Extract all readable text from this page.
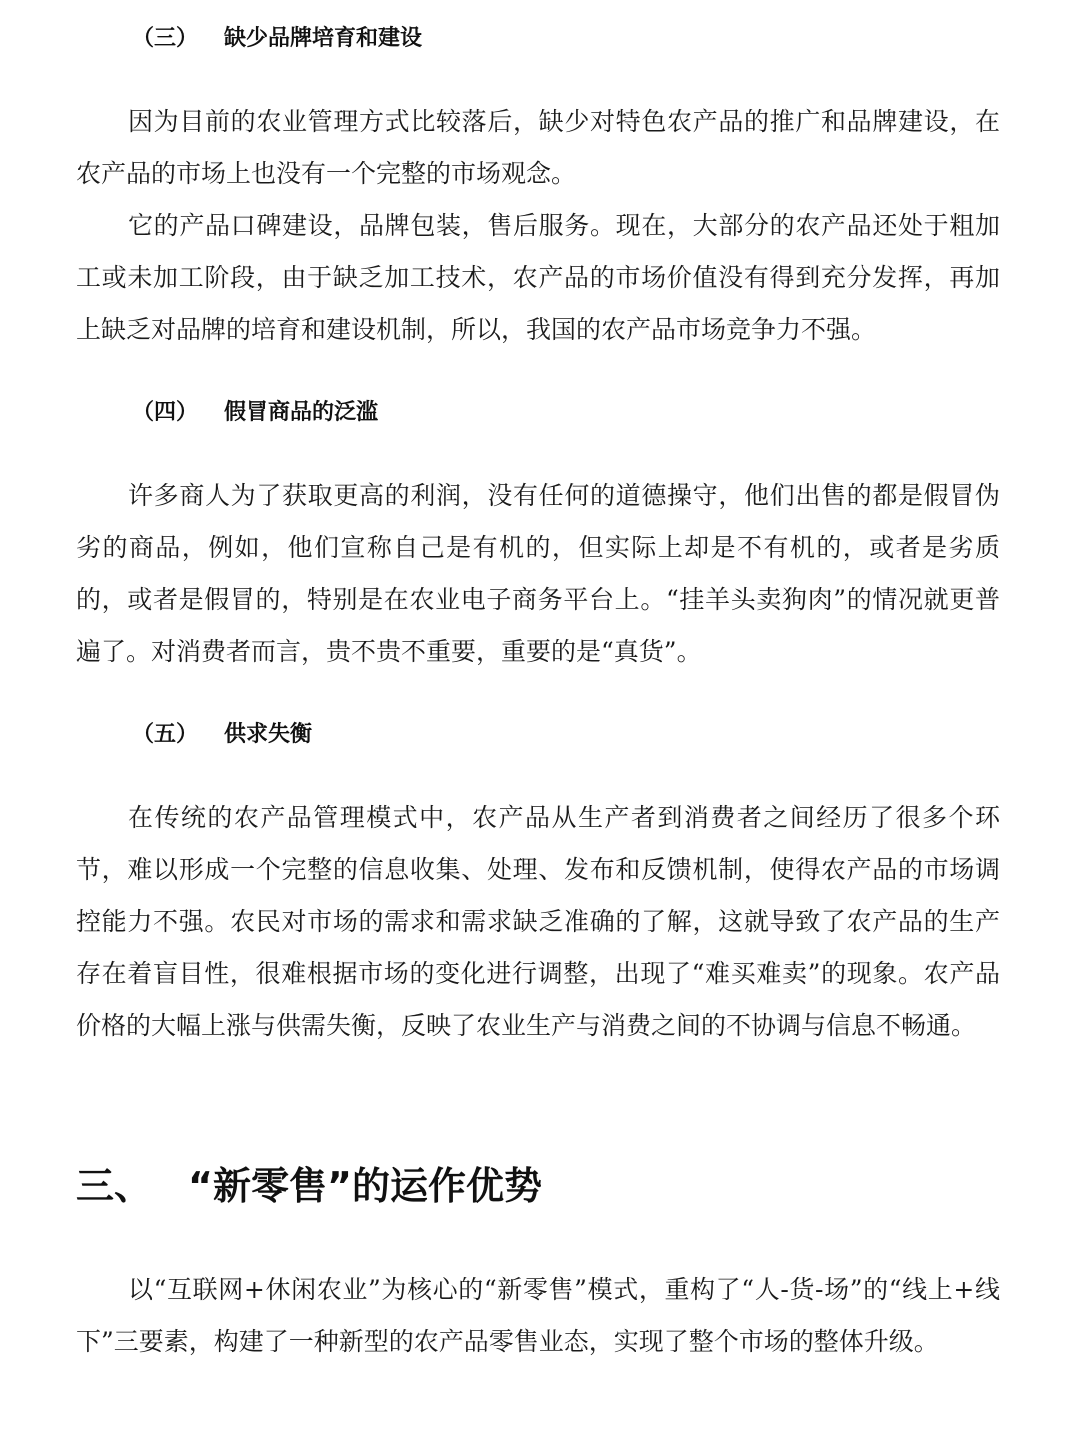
（三） 缺少品牌培育和建设

因为目前的农业管理方式比较落后，缺少对特色农产品的推广和品牌建设，在农产品的市场上也没有一个完整的市场观念。

它的产品口碑建设，品牌包装，售后服务。现在，大部分的农产品还处于粗加工或未加工阶段，由于缺乏加工技术，农产品的市场价值没有得到充分发挥，再加上缺乏对品牌的培育和建设机制，所以，我国的农产品市场竞争力不强。

（四） 假冒商品的泛滥

许多商人为了获取更高的利润，没有任何的道德操守，他们出售的都是假冒伪劣的商品，例如，他们宣称自己是有机的，但实际上却是不有机的，或者是劣质的，或者是假冒的，特别是在农业电子商务平台上。“挂羊头卖狗肉”的情况就更普遍了。对消费者而言，贵不贵不重要，重要的是“真货”。

（五） 供求失衡

在传统的农产品管理模式中，农产品从生产者到消费者之间经历了很多个环节，难以形成一个完整的信息收集、处理、发布和反馈机制，使得农产品的市场调控能力不强。农民对市场的需求和需求缺乏准确的了解，这就导致了农产品的生产存在着盲目性，很难根据市场的变化进行调整，出现了“难买难卖”的现象。农产品价格的大幅上涨与供需失衡，反映了农业生产与消费之间的不协调与信息不畅通。

三、 “新零售”的运作优势

以“互联网+休闲农业”为核心的“新零售”模式，重构了“人-货-场”的“线上+线下”三要素，构建了一种新型的农产品零售业态，实现了整个市场的整体升级。
